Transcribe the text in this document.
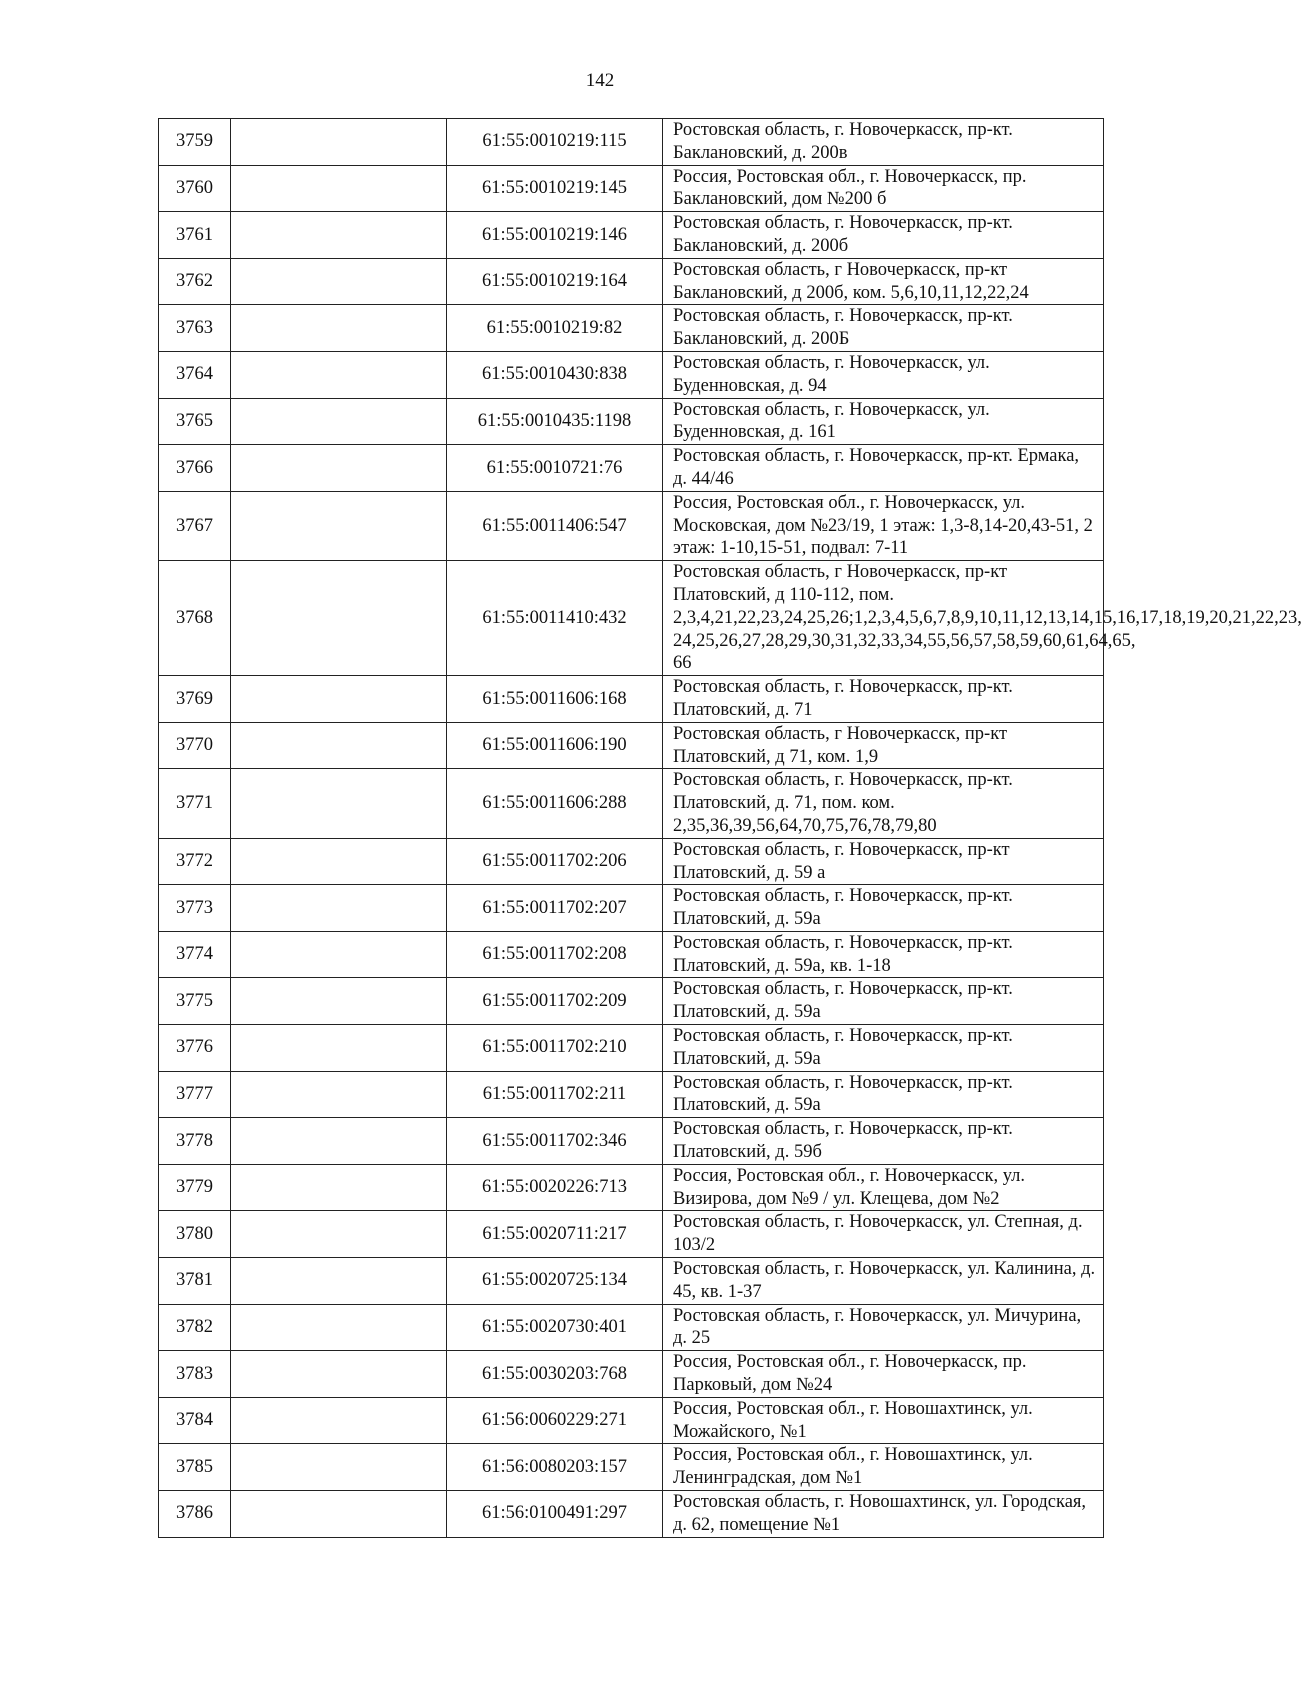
142
3759		61:55:0010219:115	Ростовская область, г. Новочеркасск, пр-кт. Баклановский, д. 200в
3760		61:55:0010219:145	Россия, Ростовская обл., г. Новочеркасск, пр. Баклановский, дом №200 б
3761		61:55:0010219:146	Ростовская область, г. Новочеркасск, пр-кт. Баклановский, д. 200б
3762		61:55:0010219:164	Ростовская область, г Новочеркасск, пр-кт Баклановский, д 200б, ком. 5,6,10,11,12,22,24
3763		61:55:0010219:82	Ростовская область, г. Новочеркасск, пр-кт. Баклановский, д. 200Б
3764		61:55:0010430:838	Ростовская область, г. Новочеркасск, ул. Буденновская, д. 94
3765		61:55:0010435:1198	Ростовская область, г. Новочеркасск, ул. Буденновская, д. 161
3766		61:55:0010721:76	Ростовская область, г. Новочеркасск, пр-кт. Ермака, д. 44/46
3767		61:55:0011406:547	Россия, Ростовская обл., г. Новочеркасск, ул. Московская, дом №23/19, 1 этаж: 1,3-8,14-20,43-51, 2 этаж: 1-10,15-51, подвал: 7-11
3768		61:55:0011410:432	Ростовская область, г Новочеркасск, пр-кт Платовский, д 110-112, пом. 2,3,4,21,22,23,24,25,26;1,2,3,4,5,6,7,8,9,10,11,12,13,14,15,16,17,18,19,20,21,22,23, 24,25,26,27,28,29,30,31,32,33,34,55,56,57,58,59,60,61,64,65, 66
3769		61:55:0011606:168	Ростовская область, г. Новочеркасск, пр-кт. Платовский, д. 71
3770		61:55:0011606:190	Ростовская область, г Новочеркасск, пр-кт Платовский, д 71, ком. 1,9
3771		61:55:0011606:288	Ростовская область, г. Новочеркасск, пр-кт. Платовский, д. 71, пом. ком. 2,35,36,39,56,64,70,75,76,78,79,80
3772		61:55:0011702:206	Ростовская область, г. Новочеркасск, пр-кт Платовский, д. 59 а
3773		61:55:0011702:207	Ростовская область, г. Новочеркасск, пр-кт. Платовский, д. 59а
3774		61:55:0011702:208	Ростовская область, г. Новочеркасск, пр-кт. Платовский, д. 59а, кв. 1-18
3775		61:55:0011702:209	Ростовская область, г. Новочеркасск, пр-кт. Платовский, д. 59а
3776		61:55:0011702:210	Ростовская область, г. Новочеркасск, пр-кт. Платовский, д. 59а
3777		61:55:0011702:211	Ростовская область, г. Новочеркасск, пр-кт. Платовский, д. 59а
3778		61:55:0011702:346	Ростовская область, г. Новочеркасск, пр-кт. Платовский, д. 59б
3779		61:55:0020226:713	Россия, Ростовская обл., г. Новочеркасск, ул. Визирова, дом №9 / ул. Клещева, дом №2
3780		61:55:0020711:217	Ростовская область, г. Новочеркасск, ул. Степная, д. 103/2
3781		61:55:0020725:134	Ростовская область, г. Новочеркасск, ул. Калинина, д. 45, кв. 1-37
3782		61:55:0020730:401	Ростовская область, г. Новочеркасск, ул. Мичурина, д. 25
3783		61:55:0030203:768	Россия, Ростовская обл., г. Новочеркасск, пр. Парковый, дом №24
3784		61:56:0060229:271	Россия, Ростовская обл., г. Новошахтинск, ул. Можайского, №1
3785		61:56:0080203:157	Россия, Ростовская обл., г. Новошахтинск, ул. Ленинградская, дом №1
3786		61:56:0100491:297	Ростовская область, г. Новошахтинск, ул. Городская, д. 62, помещение №1
